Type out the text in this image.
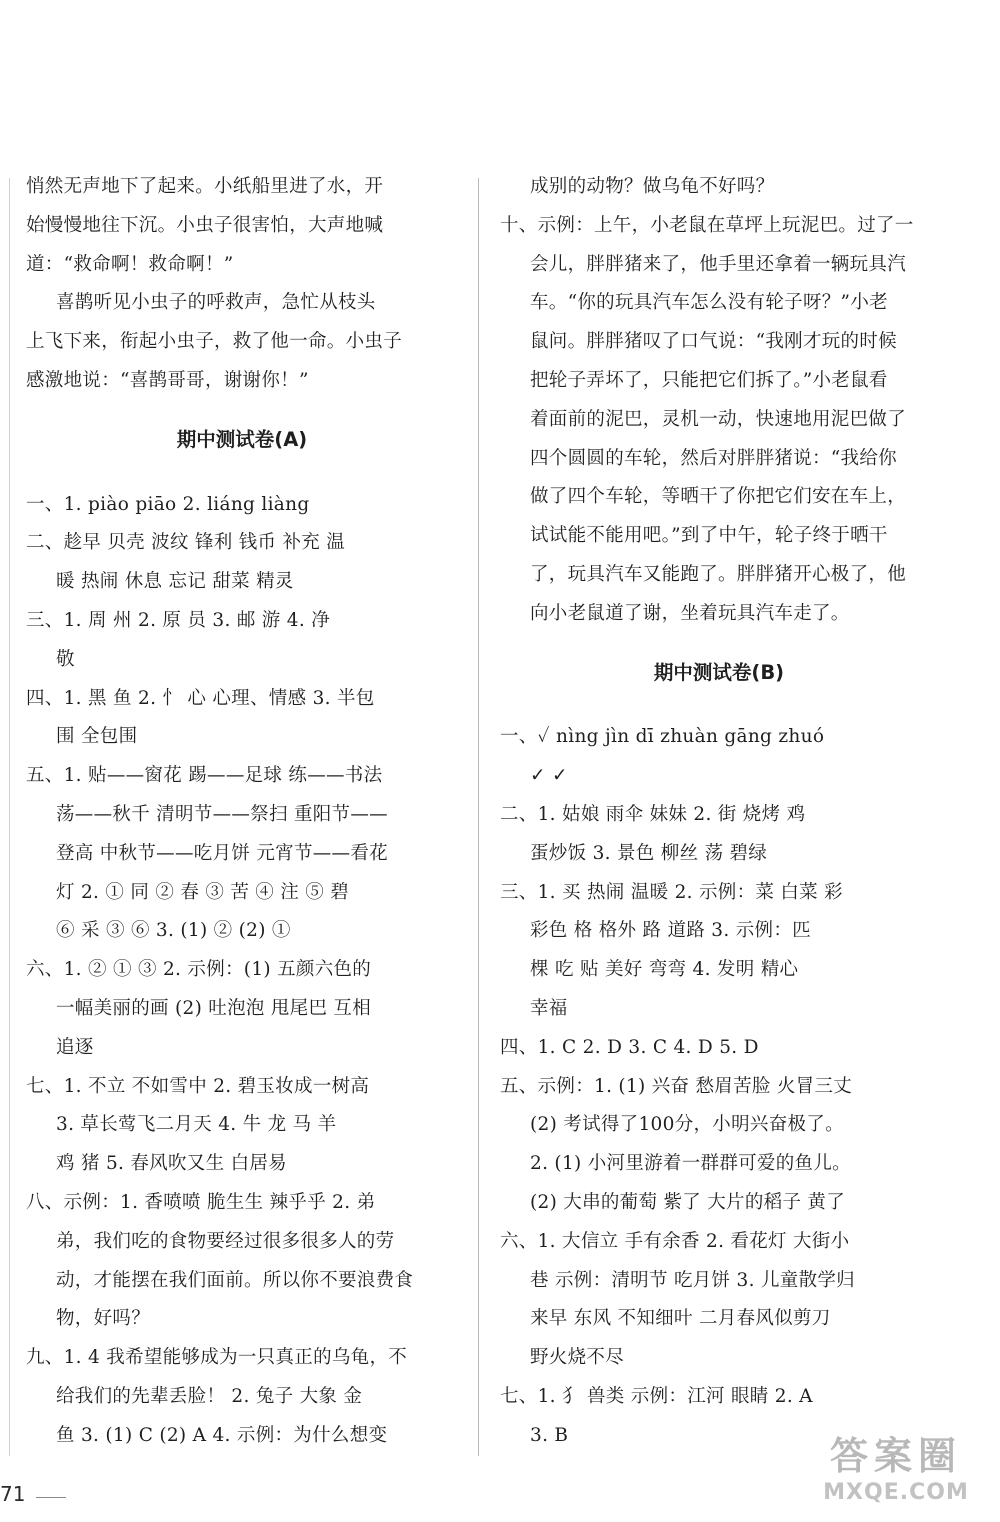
悄然无声地下了起来。小纸船里进了水，开
始慢慢地往下沉。小虫子很害怕，大声地喊
道：“救命啊！救命啊！”
喜鹊听见小虫子的呼救声，急忙从枝头
上飞下来，衔起小虫子，救了他一命。小虫子
感激地说：“喜鹊哥哥，谢谢你！”
期中测试卷(A)
一、1. piào piāo 2. liáng liàng
二、趁早 贝壳 波纹 锋利 钱币 补充 温
暖 热闹 休息 忘记 甜菜 精灵
三、1. 周 州 2. 原 员 3. 邮 游 4. 净
敬
四、1. 黑 鱼 2. 忄 心 心理、情感 3. 半包
围 全包围
五、1. 贴——窗花 踢——足球 练——书法
荡——秋千 清明节——祭扫 重阳节——
登高 中秋节——吃月饼 元宵节——看花
灯 2. ① 同 ② 春 ③ 苦 ④ 注 ⑤ 碧
⑥ 采 ③ ⑥ 3. (1) ② (2) ①
六、1. ② ① ③ 2. 示例：(1) 五颜六色的
一幅美丽的画 (2) 吐泡泡 甩尾巴 互相
追逐
七、1. 不立 不如雪中 2. 碧玉妆成一树高
3. 草长莺飞二月天 4. 牛 龙 马 羊
鸡 猪 5. 春风吹又生 白居易
八、示例：1. 香喷喷 脆生生 辣乎乎 2. 弟
弟，我们吃的食物要经过很多很多人的劳
动，才能摆在我们面前。所以你不要浪费食
物，好吗？
九、1. 4 我希望能够成为一只真正的乌龟，不
给我们的先辈丢脸！ 2. 兔子 大象 金
鱼 3. (1) C (2) A 4. 示例：为什么想变
成别的动物？做乌龟不好吗？
十、示例：上午，小老鼠在草坪上玩泥巴。过了一
会儿，胖胖猪来了，他手里还拿着一辆玩具汽
车。“你的玩具汽车怎么没有轮子呀？”小老
鼠问。胖胖猪叹了口气说：“我刚才玩的时候
把轮子弄坏了，只能把它们拆了。”小老鼠看
着面前的泥巴，灵机一动，快速地用泥巴做了
四个圆圆的车轮，然后对胖胖猪说：“我给你
做了四个车轮，等晒干了你把它们安在车上，
试试能不能用吧。”到了中午，轮子终于晒干
了，玩具汽车又能跑了。胖胖猪开心极了，他
向小老鼠道了谢，坐着玩具汽车走了。
期中测试卷(B)
一、✓ nìng jìn dī zhuàn gāng zhuó
✓ ✓
二、1. 姑娘 雨伞 妹妹 2. 街 烧烤 鸡
蛋炒饭 3. 景色 柳丝 荡 碧绿
三、1. 买 热闹 温暖 2. 示例：菜 白菜 彩
彩色 格 格外 路 道路 3. 示例：匹
棵 吃 贴 美好 弯弯 4. 发明 精心
幸福
四、1. C 2. D 3. C 4. D 5. D
五、示例：1. (1) 兴奋 愁眉苦脸 火冒三丈
(2) 考试得了100分，小明兴奋极了。
2. (1) 小河里游着一群群可爱的鱼儿。
(2) 大串的葡萄 紫了 大片的稻子 黄了
六、1. 大信立 手有余香 2. 看花灯 大街小
巷 示例：清明节 吃月饼 3. 儿童散学归
来早 东风 不知细叶 二月春风似剪刀
野火烧不尽
七、1. 犭 兽类 示例：江河 眼睛 2. A
3. B
71
答案圈
MXQE.COM
